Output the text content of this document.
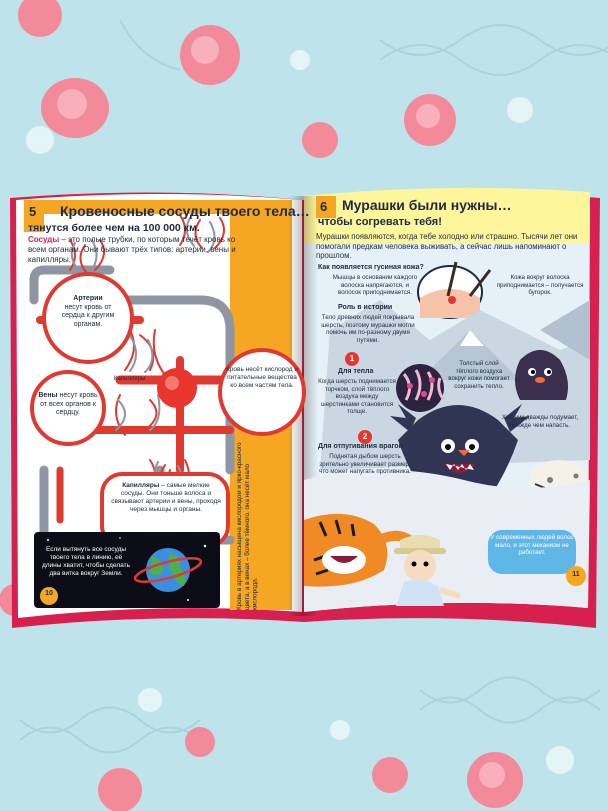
5 Кровеносные сосуды твоего тела…
тянутся более чем на 100 000 км.

Сосуды – это полые трубки, по которым течёт кровь ко всем органам. Они бывают трёх типов: артерии, вены и капилляры.

Артерии
несут кровь от сердца к другим органам.

Капилляры

Вены несут кровь от всех органов к сердцу.

Кровь несёт кислород и питательные вещества ко всем частям тела.

Капилляры – самые мелкие сосуды. Они тоньше волоса и связывают артерии и вены, проходя через мышцы и органы.	Кровь в артериях насыщена кислородом и ярко-красного цвета, а в венах – более тёмного, она несёт мало кислорода.

Если вытянуть все сосуды твоего тела в линию, её длины хватит, чтобы сделать два витка вокруг Земли.

10
6 Мурашки были нужны…
чтобы согревать тебя!

Мурашки появляются, когда тебе холодно или страшно. Тысячи лет они помогали предкам человека выживать, а сейчас лишь напоминают о прошлом.

Как появляется гусиная кожа?

Мышцы в основании каждого волоска напрягаются, и волосок приподнимается.

Кожа вокруг волоска приподнимается – получается бугорок.

Роль в истории

Тело древних людей покрывала шерсть, поэтому мурашки могли помочь им по-разному двумя путями.

1
Для тепла

Когда шерсть поднимается торчком, слой тёплого воздуха между шерстинками становится толще.

Толстый слой тёплого воздуха вокруг кожи помогает сохранить тепло.

Хищник дважды подумает, прежде чем напасть.

2
Для отпугивания врагов

Поднятая дыбом шерсть зрительно увеличивает размер, что может напугать противника.

У современных людей волос мало, и этот механизм не работает.

11
